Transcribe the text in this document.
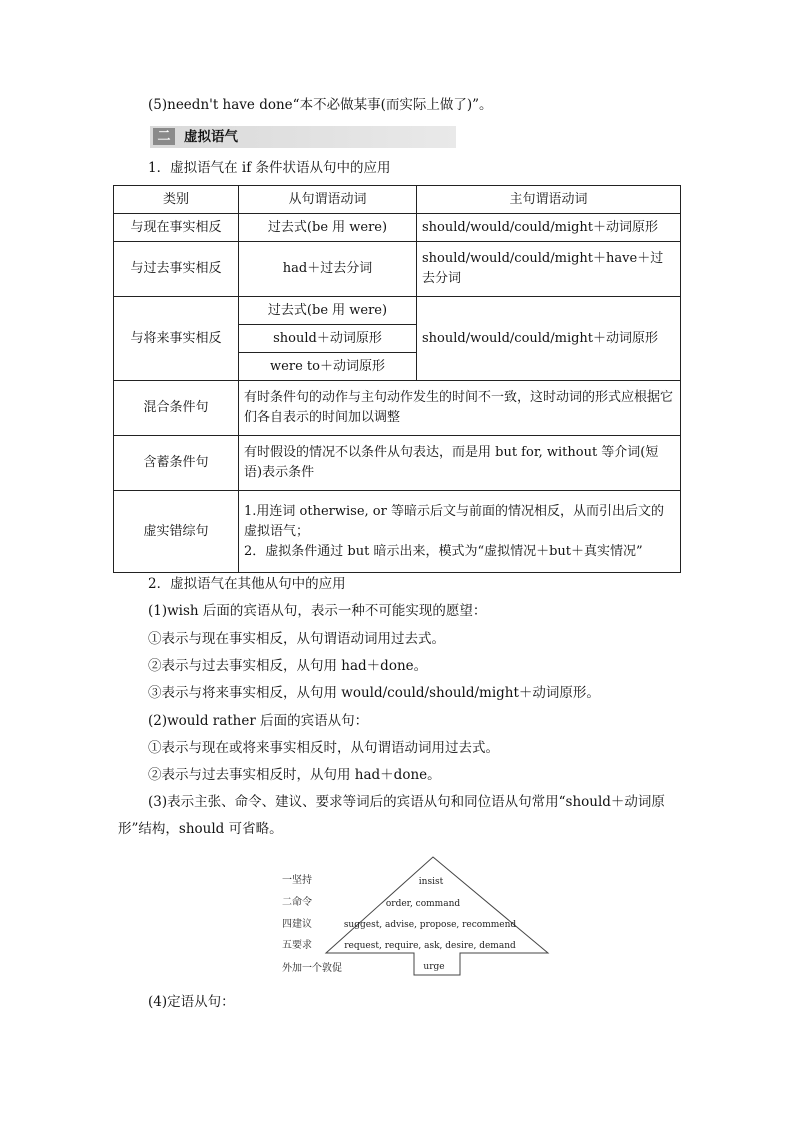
(5)needn't have done“本不必做某事(而实际上做了)”。
二	虚拟语气
1．虚拟语气在 if 条件状语从句中的应用
类别	从句谓语动词	主句谓语动词
与现在事实相反	过去式(be 用 were)	should/would/could/might＋动词原形
与过去事实相反	had＋过去分词	should/would/could/might＋have＋过去分词
与将来事实相反	过去式(be 用 were)	should/would/could/might＋动词原形
	should＋动词原形	
	were to＋动词原形	
混合条件句	有时条件句的动作与主句动作发生的时间不一致，这时动词的形式应根据它们各自表示的时间加以调整	
含蓄条件句	有时假设的情况不以条件从句表达，而是用 but for, without 等介词(短语)表示条件	
虚实错综句	1.用连词 otherwise, or 等暗示后文与前面的情况相反，从而引出后文的虚拟语气；
2．虚拟条件通过 but 暗示出来，模式为“虚拟情况＋but＋真实情况”	
2．虚拟语气在其他从句中的应用
(1)wish 后面的宾语从句，表示一种不可能实现的愿望：
①表示与现在事实相反，从句谓语动词用过去式。
②表示与过去事实相反，从句用 had＋done。
③表示与将来事实相反，从句用 would/could/should/might＋动词原形。
(2)would rather 后面的宾语从句：
①表示与现在或将来事实相反时，从句谓语动词用过去式。
②表示与过去事实相反时，从句用 had＋done。
(3)表示主张、命令、建议、要求等词后的宾语从句和同位语从句常用“should＋动词原
形”结构，should 可省略。
一坚持
二命令
四建议
五要求
外加一个敦促
insist
order, command
suggest, advise, propose, recommend
request, require, ask, desire, demand
urge
(4)定语从句：
